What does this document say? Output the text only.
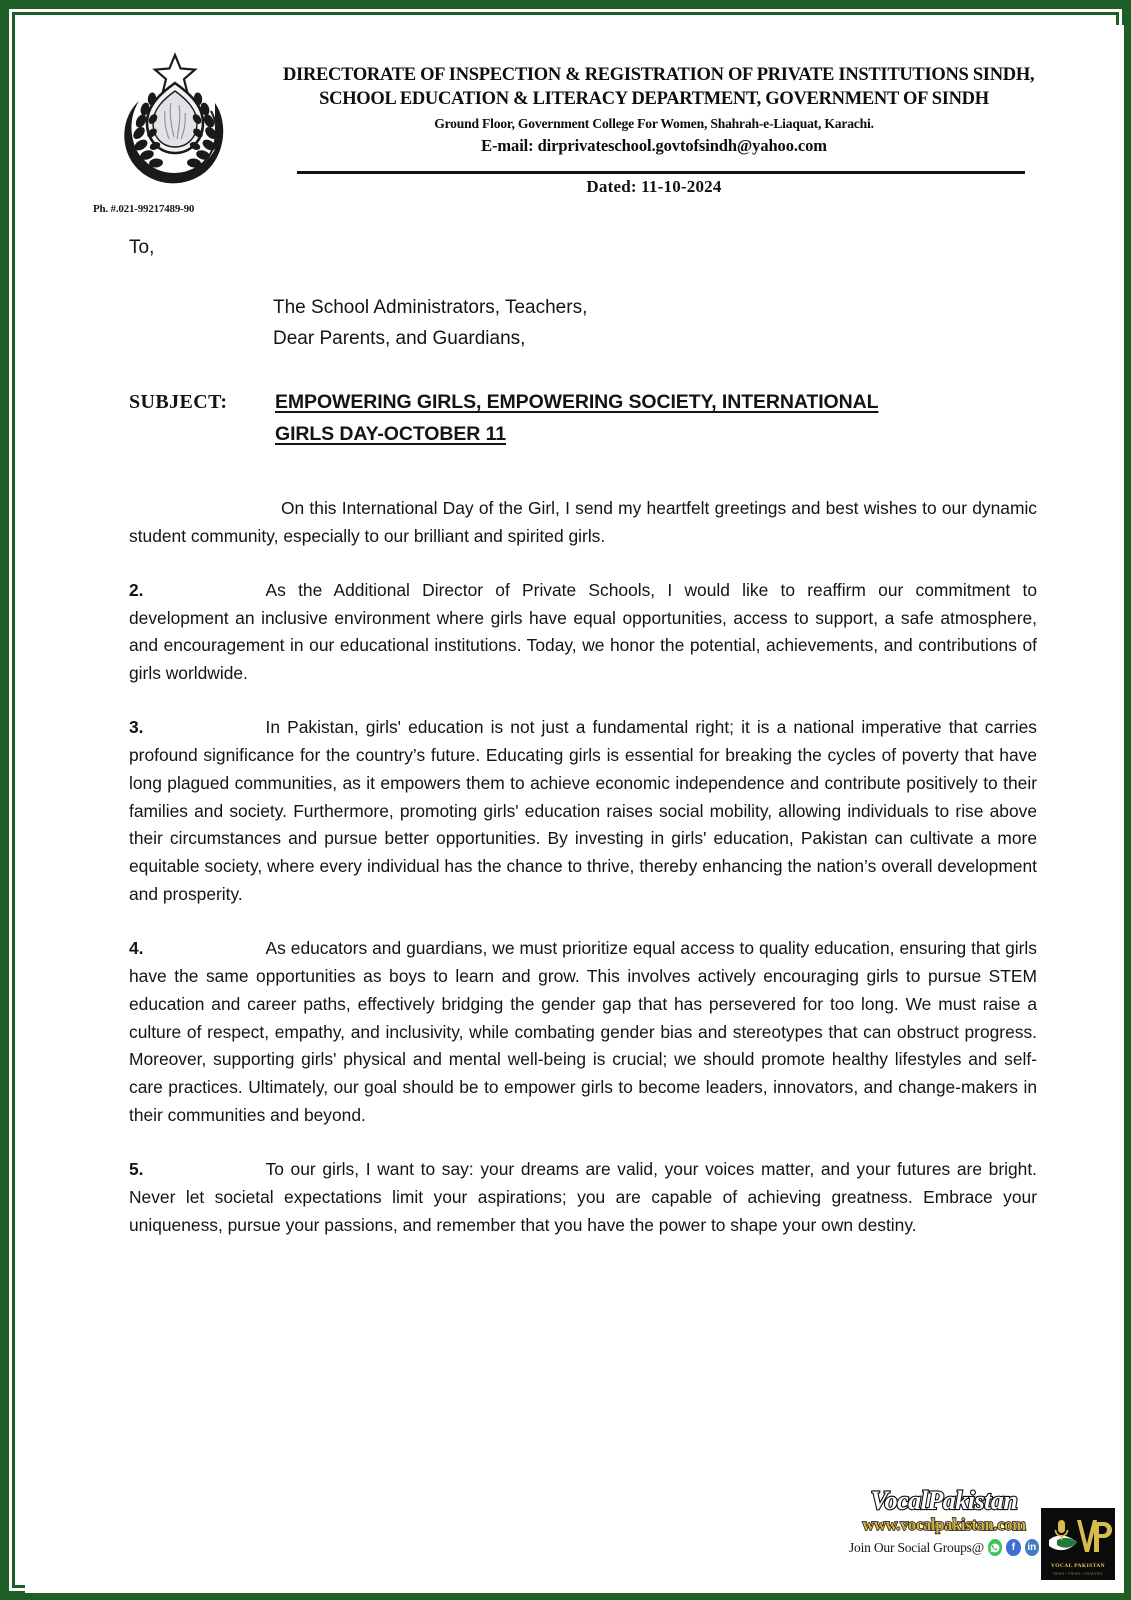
Ph. #.021-99217489-90
DIRECTORATE OF INSPECTION & REGISTRATION OF PRIVATE INSTITUTIONS SINDH,
SCHOOL EDUCATION & LITERACY DEPARTMENT, GOVERNMENT OF SINDH
Ground Floor, Government College For Women, Shahrah-e-Liaquat, Karachi.
E-mail: dirprivateschool.govtofsindh@yahoo.com
Dated: 11-10-2024
To,
The School Administrators, Teachers,
Dear Parents, and Guardians,
SUBJECT:	EMPOWERING GIRLS, EMPOWERING SOCIETY, INTERNATIONAL
GIRLS DAY-OCTOBER 11
On this International Day of the Girl, I send my heartfelt greetings and best wishes to our dynamic student community, especially to our brilliant and spirited girls.
2.	As the Additional Director of Private Schools, I would like to reaffirm our commitment to development an inclusive environment where girls have equal opportunities, access to support, a safe atmosphere, and encouragement in our educational institutions. Today, we honor the potential, achievements, and contributions of girls worldwide.
3.	In Pakistan, girls' education is not just a fundamental right; it is a national imperative that carries profound significance for the country’s future. Educating girls is essential for breaking the cycles of poverty that have long plagued communities, as it empowers them to achieve economic independence and contribute positively to their families and society. Furthermore, promoting girls' education raises social mobility, allowing individuals to rise above their circumstances and pursue better opportunities. By investing in girls' education, Pakistan can cultivate a more equitable society, where every individual has the chance to thrive, thereby enhancing the nation’s overall development and prosperity.
4.	As educators and guardians, we must prioritize equal access to quality education, ensuring that girls have the same opportunities as boys to learn and grow. This involves actively encouraging girls to pursue STEM education and career paths, effectively bridging the gender gap that has persevered for too long. We must raise a culture of respect, empathy, and inclusivity, while combating gender bias and stereotypes that can obstruct progress. Moreover, supporting girls' physical and mental well-being is crucial; we should promote healthy lifestyles and self-care practices. Ultimately, our goal should be to empower girls to become leaders, innovators, and change-makers in their communities and beyond.
5.	To our girls, I want to say: your dreams are valid, your voices matter, and your futures are bright. Never let societal expectations limit your aspirations; you are capable of achieving greatness. Embrace your uniqueness, pursue your passions, and remember that you have the power to shape your own destiny.
VocalPakistan
www.vocalpakistan.com
Join Our Social Groups@	f	in
VOCAL PAKISTAN
NEWS • VIEWS • ANALYSIS
